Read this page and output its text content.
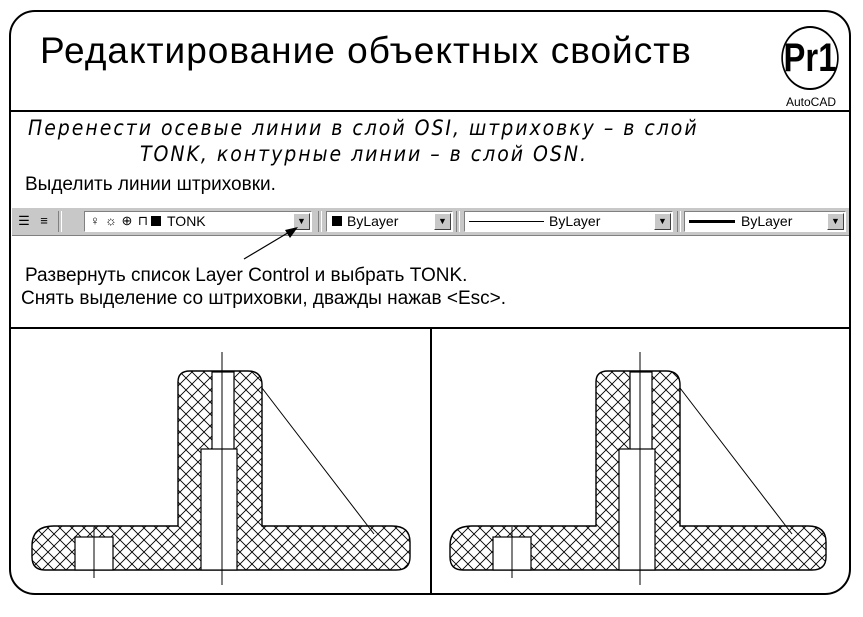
Редактирование объектных свойств Pr1
AutoCAD
Перенести осевые линии в слой OSI, штриховку – в слой
TONK, контурные линии – в слой OSN.
Выделить линии штриховки.
☰ ≡	♀ ☼ ⊕ ⊓ TONK	▼	ByLayer	▼	ByLayer	▼	ByLayer	▼
Развернуть список Layer Control и выбрать TONK.
Снять выделение со штриховки, дважды нажав <Esc>.
